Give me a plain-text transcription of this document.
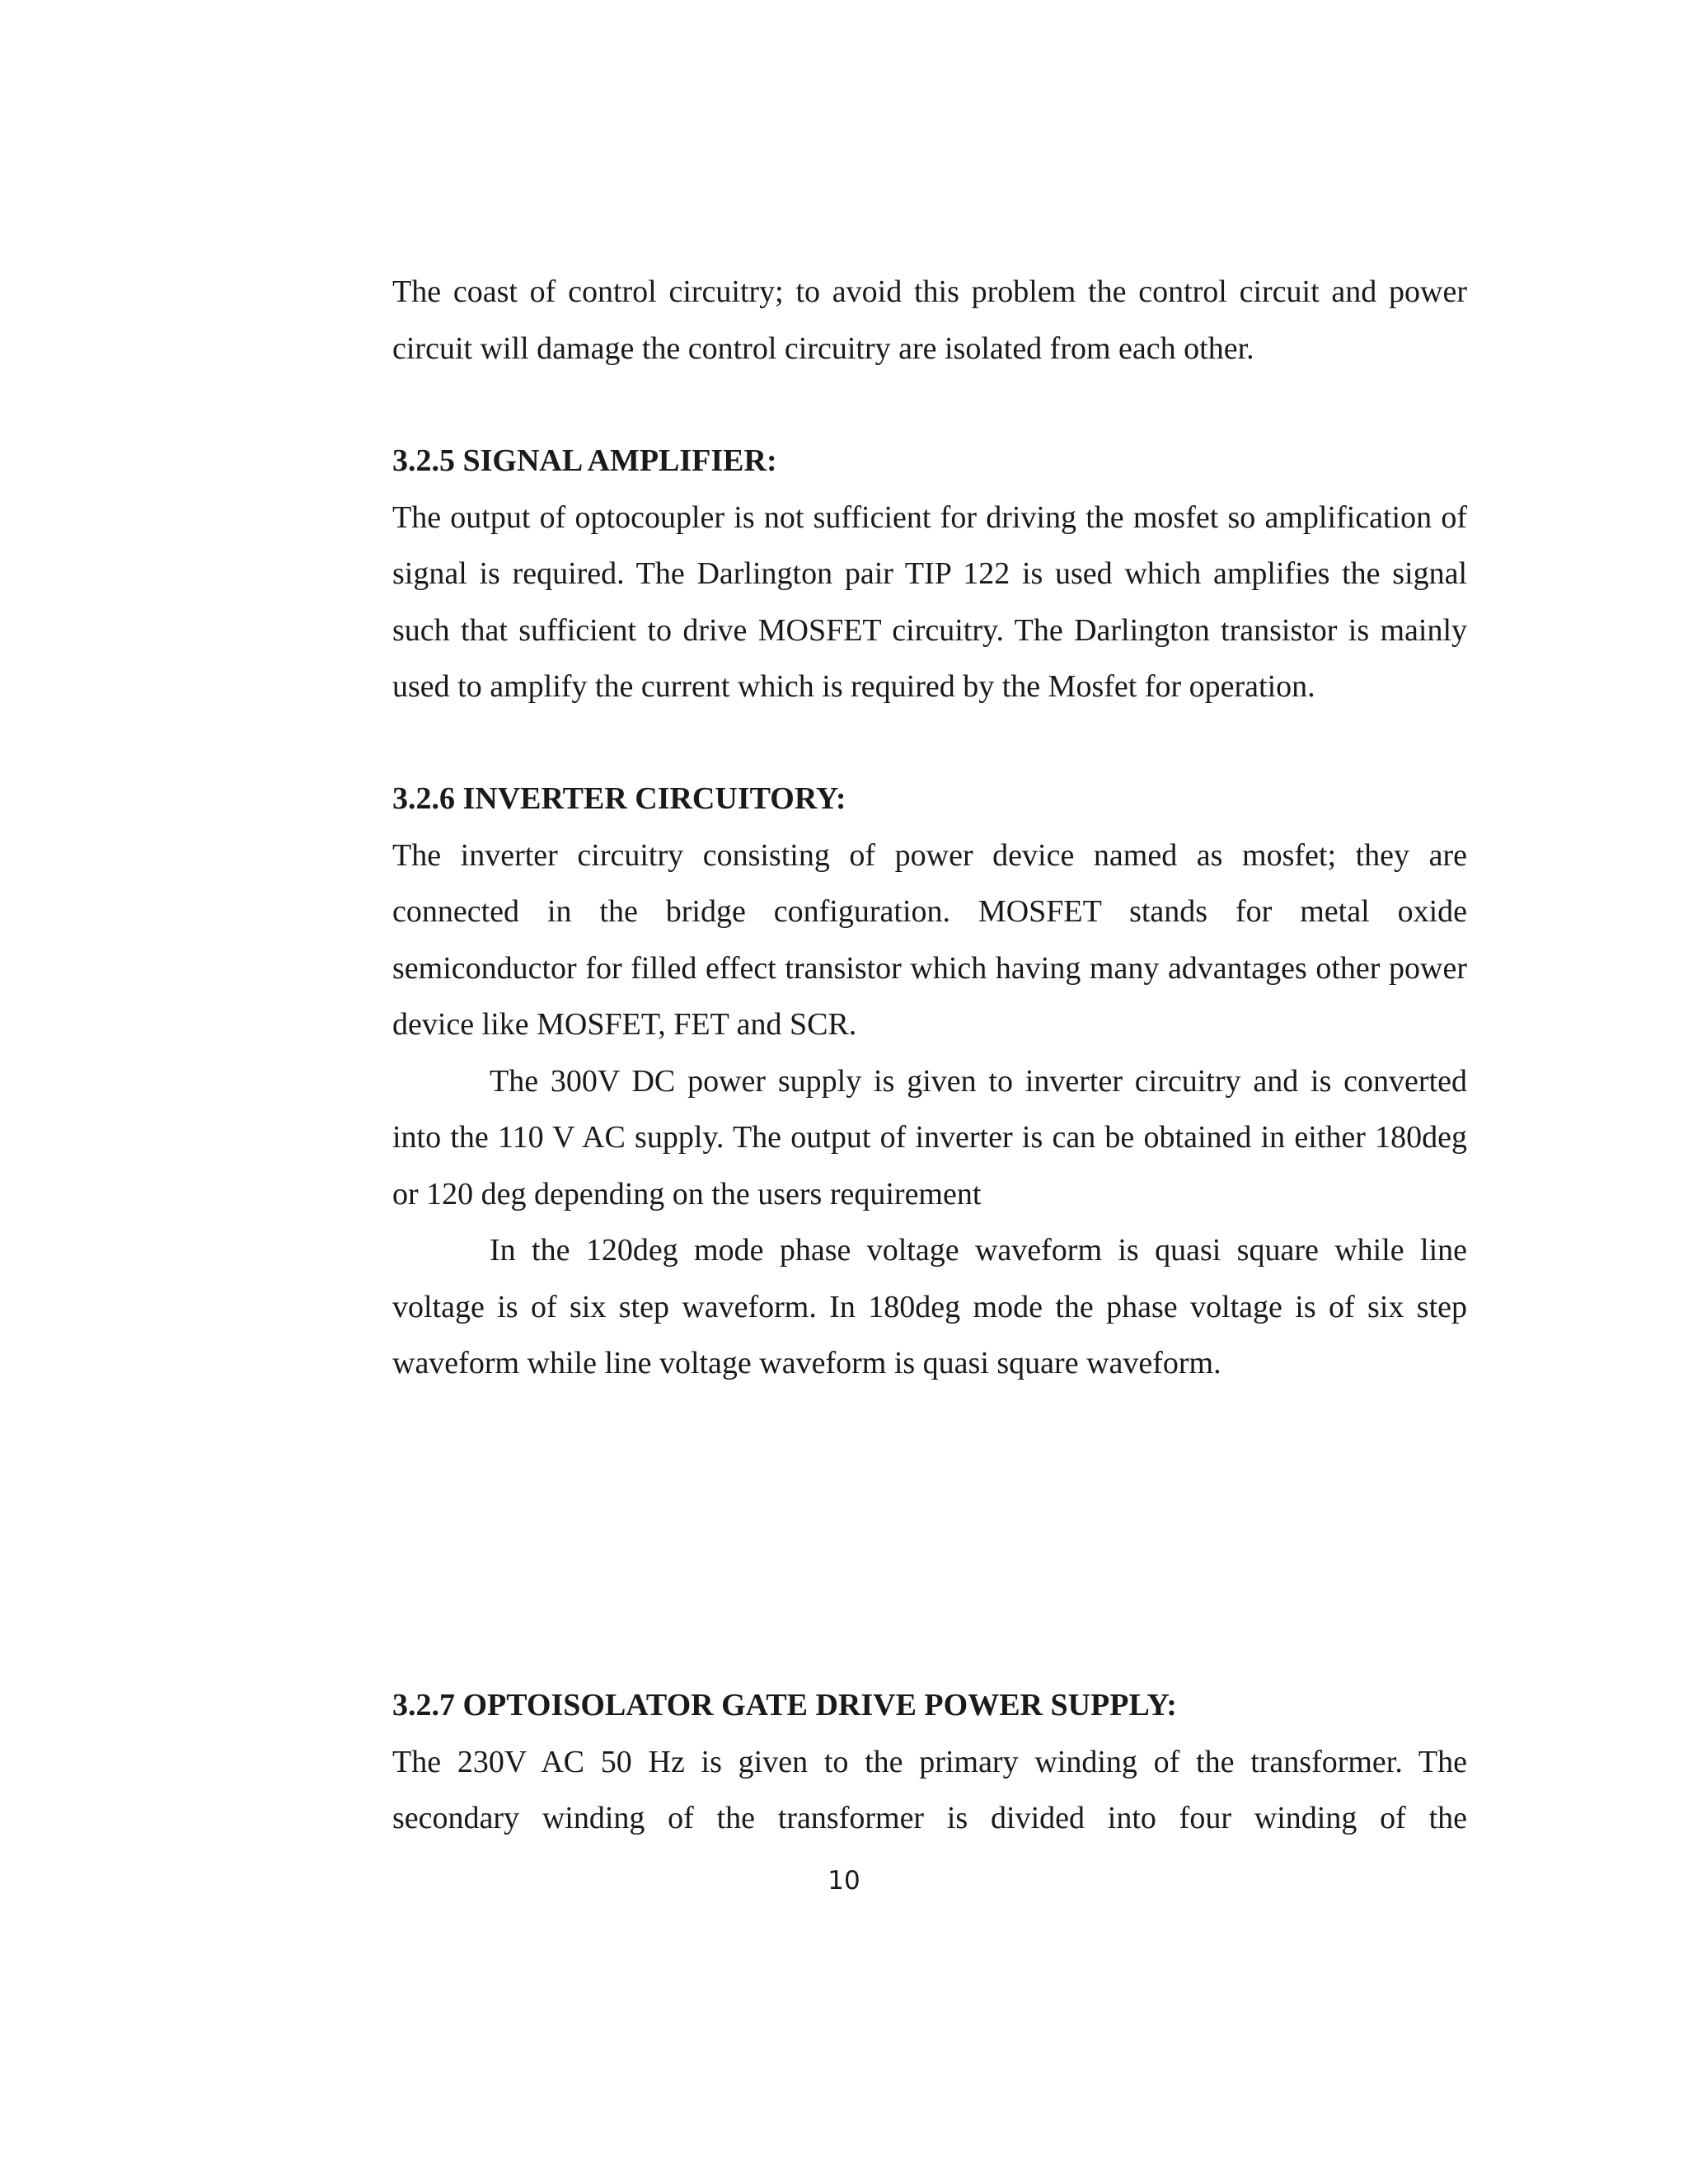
The coast of control circuitry; to avoid this problem the control circuit and power circuit will damage the control circuitry are isolated from each other.

3.2.5 SIGNAL AMPLIFIER:

The output of optocoupler is not sufficient for driving the mosfet so amplification of signal is required. The Darlington pair TIP 122 is used which amplifies the signal such that sufficient to drive MOSFET circuitry. The Darlington transistor is mainly used to amplify the current which is required by the Mosfet for operation.

3.2.6 INVERTER CIRCUITORY:

The inverter circuitry consisting of power device named as mosfet; they are connected in the bridge configuration. MOSFET stands for metal oxide semiconductor for filled effect transistor which having many advantages other power device like MOSFET, FET and SCR.

The 300V DC power supply is given to inverter circuitry and is converted into the 110 V AC supply. The output of inverter is can be obtained in either 180deg or 120 deg depending on the users requirement

In the 120deg mode phase voltage waveform is quasi square while line voltage is of six step waveform. In 180deg mode the phase voltage is of six step waveform while line voltage waveform is quasi square waveform.

3.2.7 OPTOISOLATOR GATE DRIVE POWER SUPPLY:

The 230V AC 50 Hz is given to the primary winding of the transformer. The secondary winding of the transformer is divided into four winding of the

10
